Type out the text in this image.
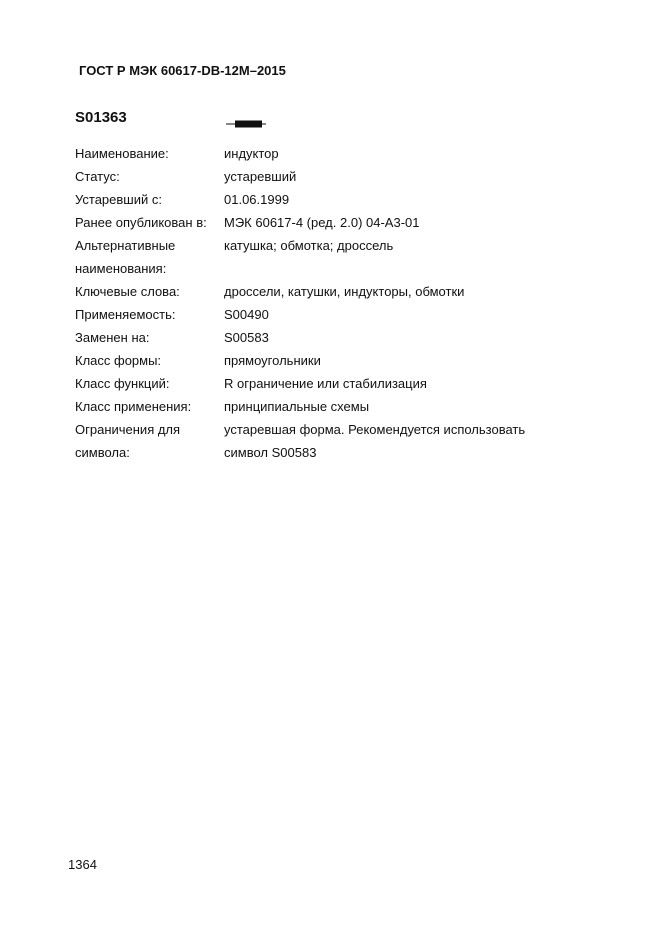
ГОСТ Р МЭК 60617-DB-12M–2015
S01363
Наименование:	индуктор
Статус:	устаревший
Устаревший с:	01.06.1999
Ранее опубликован в:	МЭК 60617-4 (ред. 2.0) 04-А3-01
Альтернативные наименования:
катушка; обмотка; дроссель
Ключевые слова:	дроссели, катушки, индукторы, обмотки
Применяемость:	S00490
Заменен на:	S00583
Класс формы:	прямоугольники
Класс функций:	R ограничение или стабилизация
Класс применения:	принципиальные схемы
Ограничения для символа:
устаревшая форма. Рекомендуется использовать символ S00583
1364
